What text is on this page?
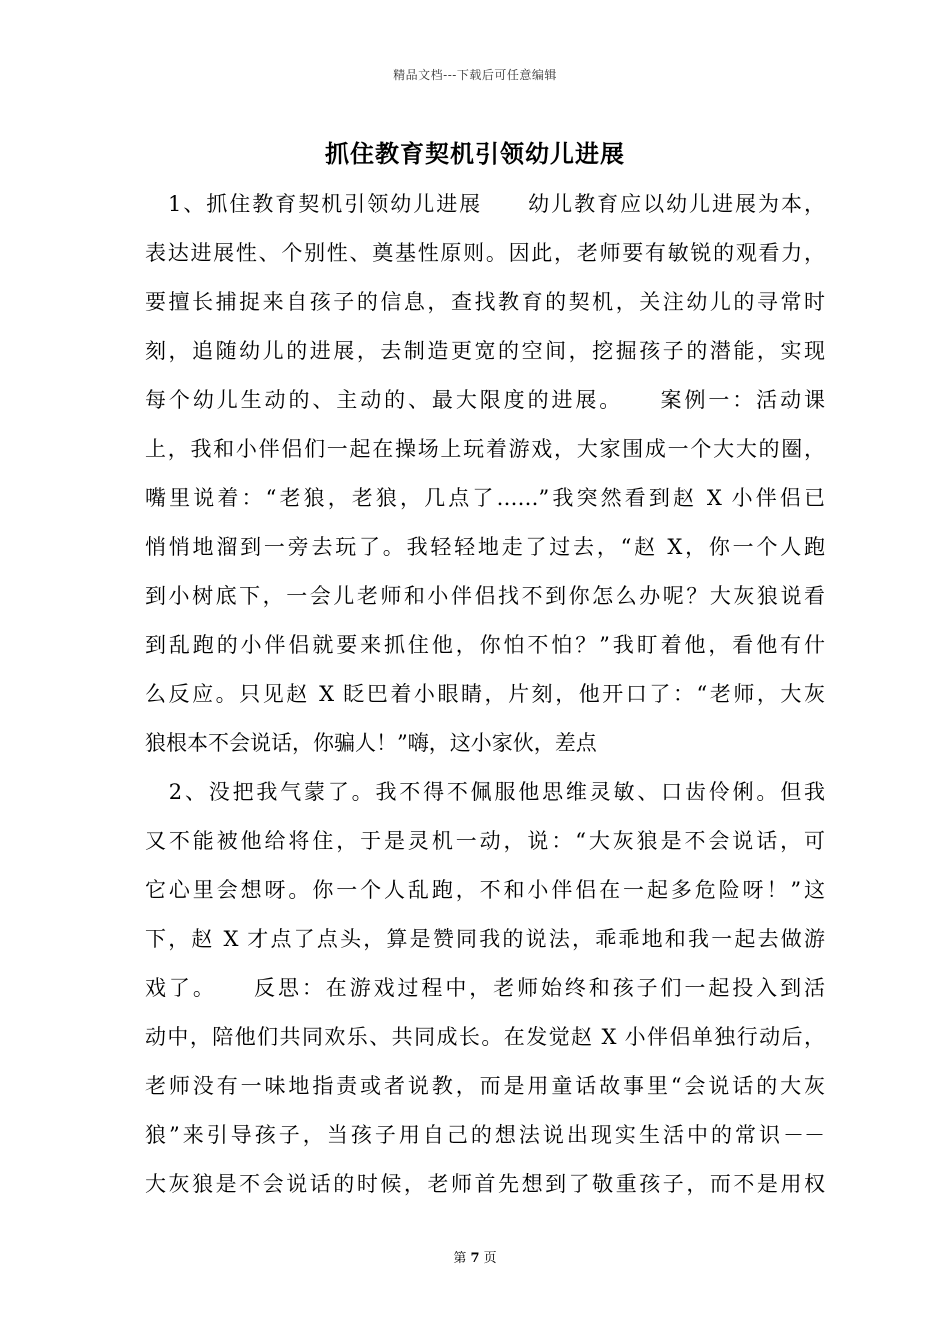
精品文档---下载后可任意编辑
抓住教育契机引领幼儿进展
　1、抓住教育契机引领幼儿进展　　幼儿教育应以幼儿进展为本，
表达进展性、个别性、奠基性原则。因此，老师要有敏锐的观看力，
要擅长捕捉来自孩子的信息，查找教育的契机，关注幼儿的寻常时
刻，追随幼儿的进展，去制造更宽的空间，挖掘孩子的潜能，实现
每个幼儿生动的、主动的、最大限度的进展。　　案例一：活动课
上，我和小伴侣们一起在操场上玩着游戏，大家围成一个大大的圈，
嘴里说着：“老狼，老狼，几点了……”我突然看到赵 X 小伴侣已
悄悄地溜到一旁去玩了。我轻轻地走了过去，“赵 X，你一个人跑
到小树底下，一会儿老师和小伴侣找不到你怎么办呢？大灰狼说看
到乱跑的小伴侣就要来抓住他，你怕不怕？”我盯着他，看他有什
么反应。只见赵 X 眨巴着小眼睛，片刻，他开口了：“老师，大灰
狼根本不会说话，你骗人！”嗨，这小家伙，差点
　2、没把我气蒙了。我不得不佩服他思维灵敏、口齿伶俐。但我
又不能被他给将住，于是灵机一动，说：“大灰狼是不会说话，可
它心里会想呀。你一个人乱跑，不和小伴侣在一起多危险呀！”这
下，赵 X 才点了点头，算是赞同我的说法，乖乖地和我一起去做游
戏了。　　反思：在游戏过程中，老师始终和孩子们一起投入到活
动中，陪他们共同欢乐、共同成长。在发觉赵 X 小伴侣单独行动后，
老师没有一味地指责或者说教，而是用童话故事里“会说话的大灰
狼”来引导孩子，当孩子用自己的想法说出现实生活中的常识－－
大灰狼是不会说话的时候，老师首先想到了敬重孩子，而不是用权
第 7 页
